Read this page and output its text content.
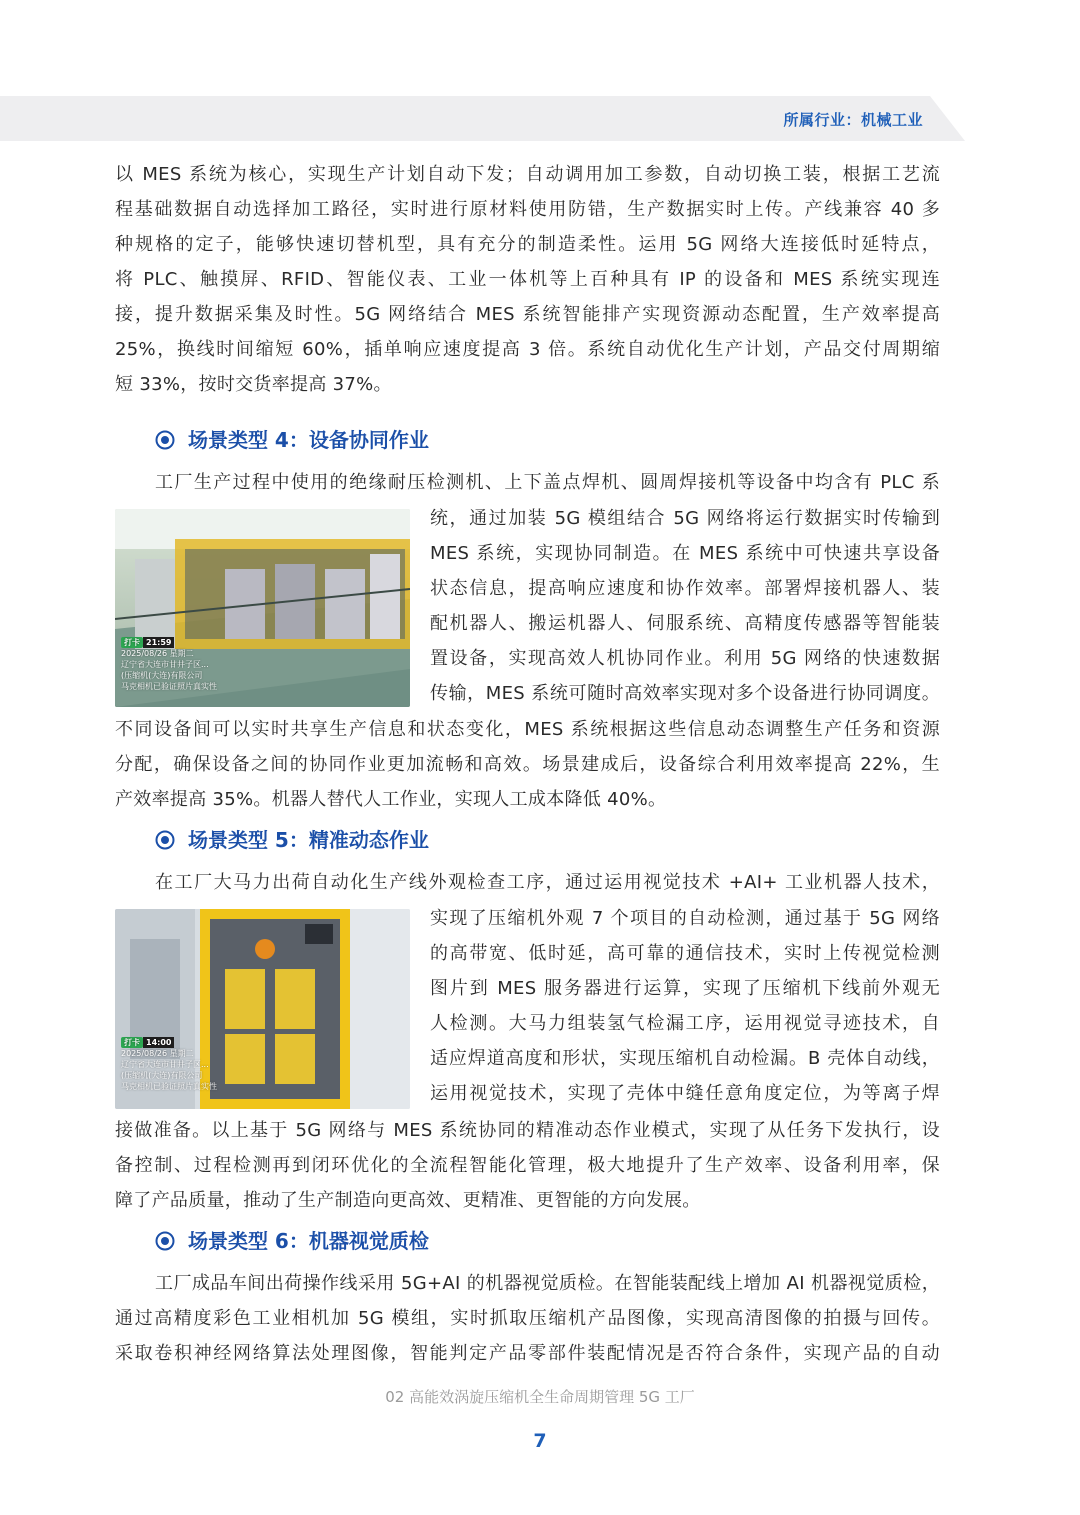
所属行业：机械工业
以 MES 系统为核心，实现生产计划自动下发；自动调用加工参数，自动切换工装，根据工艺流
程基础数据自动选择加工路径，实时进行原材料使用防错，生产数据实时上传。产线兼容 40 多
种规格的定子，能够快速切替机型，具有充分的制造柔性。运用 5G 网络大连接低时延特点，
将 PLC、触摸屏、RFID、智能仪表、工业一体机等上百种具有 IP 的设备和 MES 系统实现连
接，提升数据采集及时性。5G 网络结合 MES 系统智能排产实现资源动态配置，生产效率提高
25%，换线时间缩短 60%，插单响应速度提高 3 倍。系统自动优化生产计划，产品交付周期缩
短 33%，按时交货率提高 37%。
场景类型 4：设备协同作业
工厂生产过程中使用的绝缘耐压检测机、上下盖点焊机、圆周焊接机等设备中均含有 PLC 系
打卡 21:59
2025/08/26 星期二
辽宁省大连市甘井子区...
(压缩机(大连)有限公司
马克相机已验证照片真实性
统，通过加装 5G 模组结合 5G 网络将运行数据实时传输到
MES 系统，实现协同制造。在 MES 系统中可快速共享设备
状态信息，提高响应速度和协作效率。部署焊接机器人、装
配机器人、搬运机器人、伺服系统、高精度传感器等智能装
置设备，实现高效人机协同作业。利用 5G 网络的快速数据
传输，MES 系统可随时高效率实现对多个设备进行协同调度。
不同设备间可以实时共享生产信息和状态变化，MES 系统根据这些信息动态调整生产任务和资源
分配，确保设备之间的协同作业更加流畅和高效。场景建成后，设备综合利用效率提高 22%，生
产效率提高 35%。机器人替代人工作业，实现人工成本降低 40%。
场景类型 5：精准动态作业
在工厂大马力出荷自动化生产线外观检查工序，通过运用视觉技术 +AI+ 工业机器人技术，
打卡 14:00
2025/08/26 星期二
辽宁省大连市甘井子区...
(压缩机(大连)有限公司
马克相机已验证照片真实性
实现了压缩机外观 7 个项目的自动检测，通过基于 5G 网络
的高带宽、低时延，高可靠的通信技术，实时上传视觉检测
图片到 MES 服务器进行运算，实现了压缩机下线前外观无
人检测。大马力组装氢气检漏工序，运用视觉寻迹技术，自
适应焊道高度和形状，实现压缩机自动检漏。B 壳体自动线，
运用视觉技术，实现了壳体中缝任意角度定位，为等离子焊
接做准备。以上基于 5G 网络与 MES 系统协同的精准动态作业模式，实现了从任务下发执行，设
备控制、过程检测再到闭环优化的全流程智能化管理，极大地提升了生产效率、设备利用率，保
障了产品质量，推动了生产制造向更高效、更精准、更智能的方向发展。
场景类型 6：机器视觉质检
工厂成品车间出荷操作线采用 5G+AI 的机器视觉质检。在智能装配线上增加 AI 机器视觉质检，
通过高精度彩色工业相机加 5G 模组，实时抓取压缩机产品图像，实现高清图像的拍摄与回传。
采取卷积神经网络算法处理图像，智能判定产品零部件装配情况是否符合条件，实现产品的自动
02 高能效涡旋压缩机全生命周期管理 5G 工厂
7
